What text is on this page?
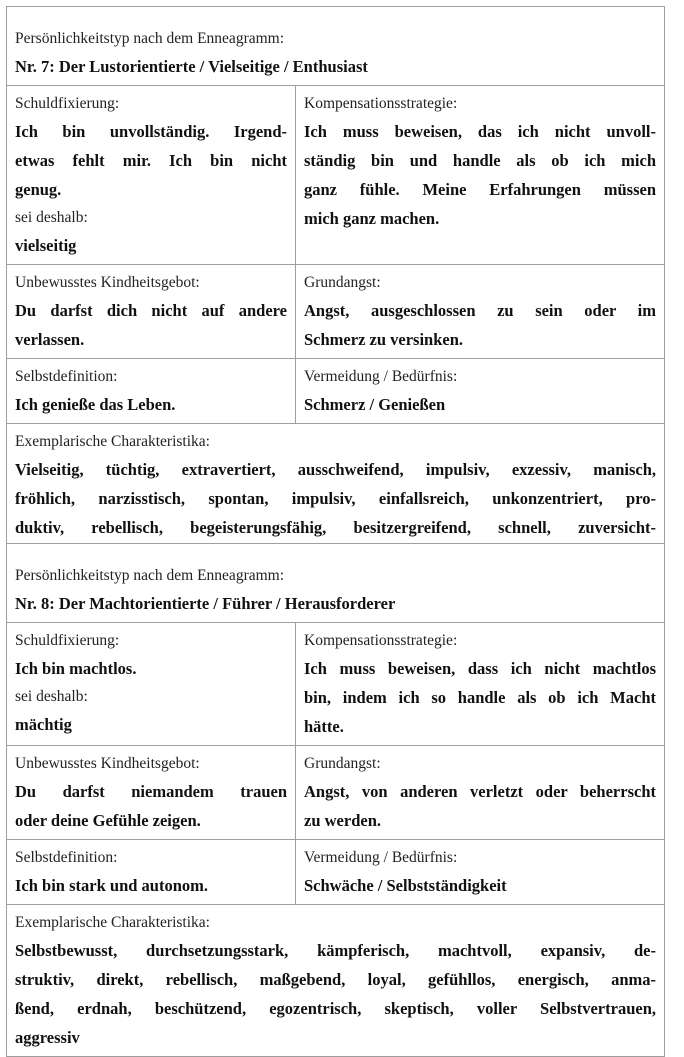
Persönlichkeitstyp nach dem Enneagramm:
Nr. 7: Der Lustorientierte / Vielseitige / Enthusiast
Schuldfixierung:
Ich bin unvollständig. Irgend-
etwas fehlt mir. Ich bin nicht
genug.
sei deshalb:
vielseitig
Kompensationsstrategie:
Ich muss beweisen, das ich nicht unvoll-
ständig bin und handle als ob ich mich
ganz fühle. Meine Erfahrungen müssen
mich ganz machen.
Unbewusstes Kindheitsgebot:
Du darfst dich nicht auf andere
verlassen.
Grundangst:
Angst, ausgeschlossen zu sein oder im
Schmerz zu versinken.
Selbstdefinition:
Ich genieße das Leben.
Vermeidung / Bedürfnis:
Schmerz / Genießen
Exemplarische Charakteristika:
Vielseitig, tüchtig, extravertiert, ausschweifend, impulsiv, exzessiv, manisch,
fröhlich, narzisstisch, spontan, impulsiv, einfallsreich, unkonzentriert, pro-
duktiv, rebellisch, begeisterungsfähig, besitzergreifend, schnell, zuversicht-
Persönlichkeitstyp nach dem Enneagramm:
Nr. 8: Der Machtorientierte / Führer / Herausforderer
Schuldfixierung:
Ich bin machtlos.
sei deshalb:
mächtig
Kompensationsstrategie:
Ich muss beweisen, dass ich nicht machtlos
bin, indem ich so handle als ob ich Macht
hätte.
Unbewusstes Kindheitsgebot:
Du darfst niemandem trauen
oder deine Gefühle zeigen.
Grundangst:
Angst, von anderen verletzt oder beherrscht
zu werden.
Selbstdefinition:
Ich bin stark und autonom.
Vermeidung / Bedürfnis:
Schwäche / Selbstständigkeit
Exemplarische Charakteristika:
Selbstbewusst, durchsetzungsstark, kämpferisch, machtvoll, expansiv, de-
struktiv, direkt, rebellisch, maßgebend, loyal, gefühllos, energisch, anma-
ßend, erdnah, beschützend, egozentrisch, skeptisch, voller Selbstvertrauen,
aggressiv
